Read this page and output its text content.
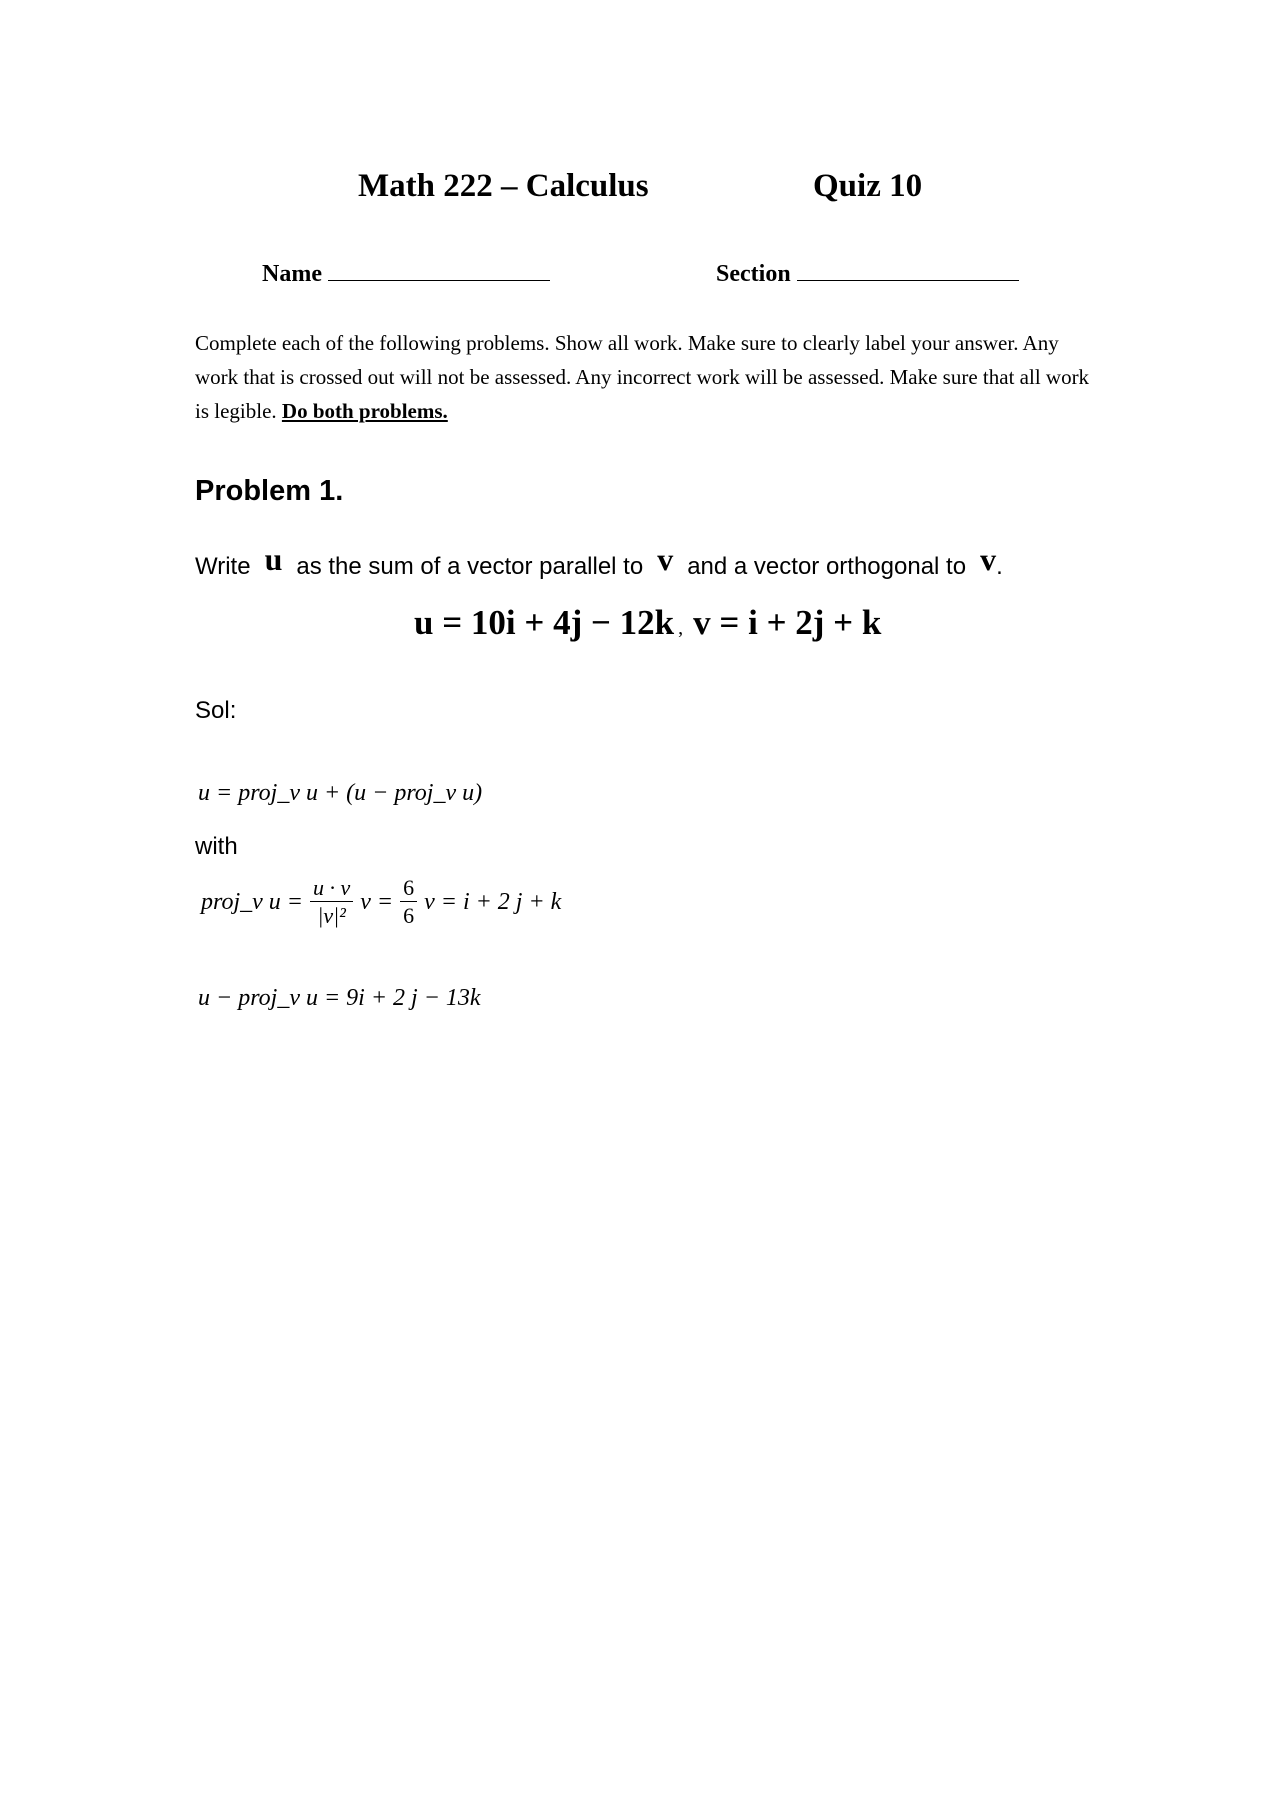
Math 222 – Calculus	Quiz 10
Name	Section
Complete each of the following problems. Show all work. Make sure to clearly label your answer. Any work that is crossed out will not be assessed. Any incorrect work will be assessed. Make sure that all work is legible. Do both problems.
Problem 1.
Write u as the sum of a vector parallel to v and a vector orthogonal to v.
u = 10i + 4j − 12k , v = i + 2j + k
Sol:
u = proj_v u + (u − proj_v u)
with
proj_v $u = \frac{u \cdot v}{\text{|v|²}}$ $v = \frac{6}{6}$ v = i + 2 j + k
u − proj_v u = 9i + 2 j − 13k
